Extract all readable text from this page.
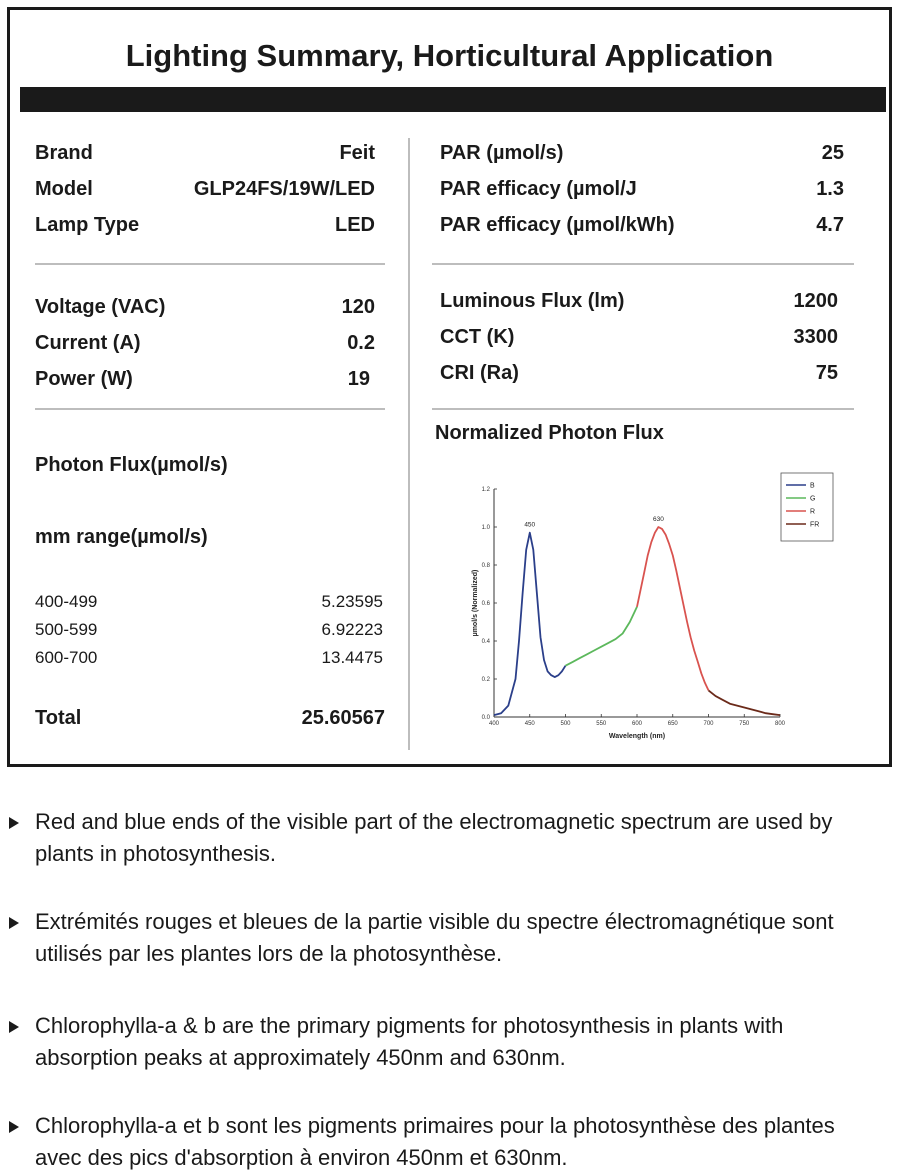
Lighting Summary, Horticultural Application
Brand	Feit
Model	GLP24FS/19W/LED
Lamp Type	LED
PAR (µmol/s)	25
PAR efficacy (µmol/J	1.3
PAR efficacy (µmol/kWh)	4.7
Voltage (VAC)	120
Current (A)	0.2
Power (W)	19
Luminous Flux (lm)	1200
CCT (K)	3300
CRI (Ra)	75
Photon Flux(µmol/s)
mm range(µmol/s)
400-499	5.23595
500-599	6.92223
600-700	13.4475
Total	25.60567
Normalized Photon Flux
0.0
0.2
0.4
0.6
0.8
1.0
1.2
400	450	500	550	600	650	700	750	800
Wavelength (nm)
µmol/s (Normalized)
450
630
B
G
R
FR
Red and blue ends of the visible part of the electromagnetic spectrum are used by plants in photosynthesis.
Extrémités rouges et bleues de la partie visible du spectre électromagnétique sont utilisés par les plantes lors de la photosynthèse.
Chlorophylla-a & b are the primary pigments for photosynthesis in plants with absorption peaks at approximately 450nm and 630nm.
Chlorophylla-a et b sont les pigments primaires pour la photosynthèse des plantes avec des pics d'absorption à environ 450nm et 630nm.
